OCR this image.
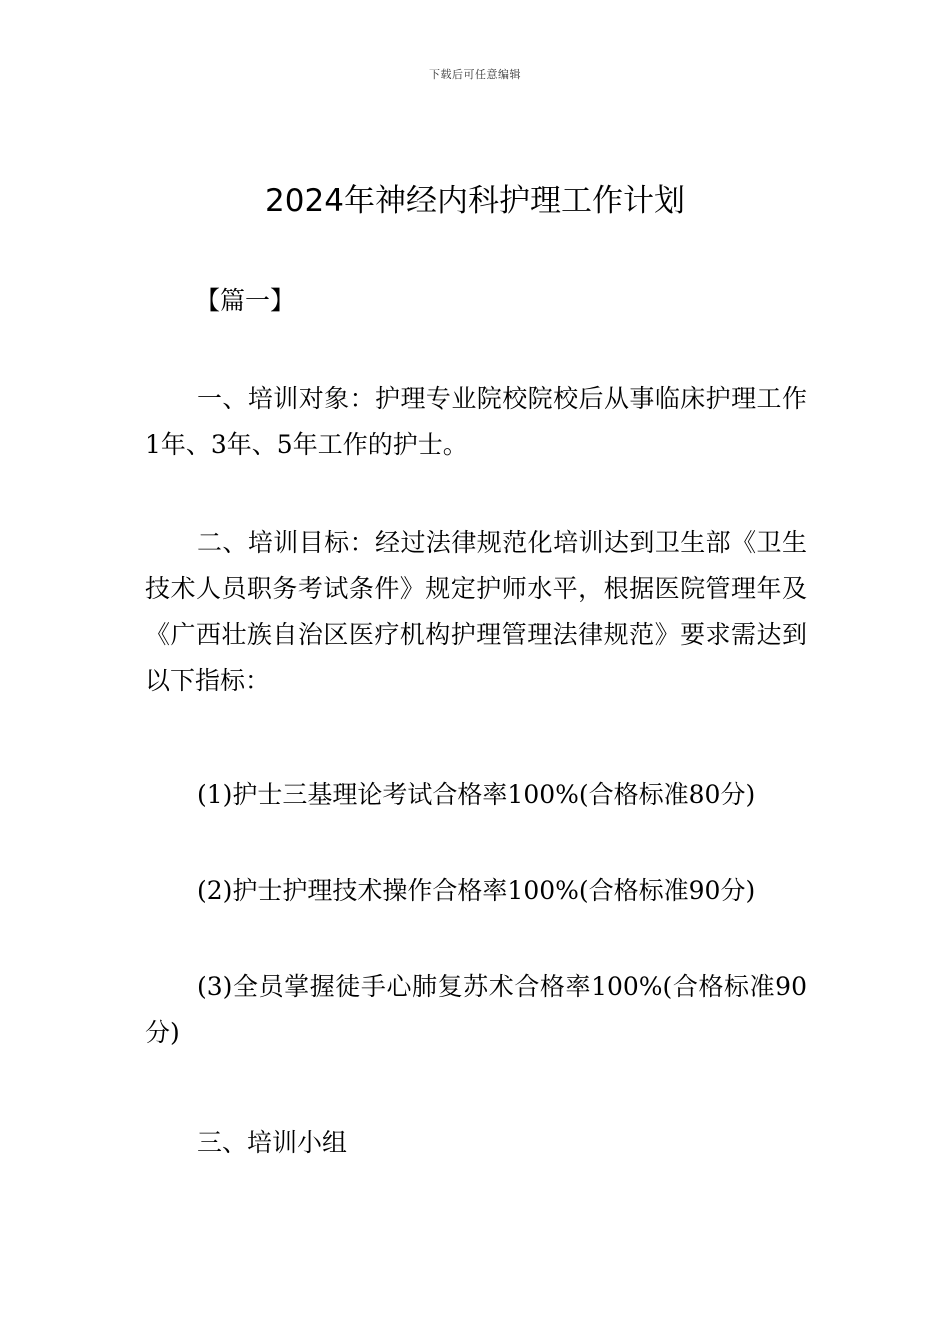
下载后可任意编辑
2024年神经内科护理工作计划

【篇一】

一、培训对象：护理专业院校院校后从事临床护理工作1年、3年、5年工作的护士。

二、培训目标：经过法律规范化培训达到卫生部《卫生技术人员职务考试条件》规定护师水平，根据医院管理年及《广西壮族自治区医疗机构护理管理法律规范》要求需达到以下指标：

(1)护士三基理论考试合格率100%(合格标准80分)

(2)护士护理技术操作合格率100%(合格标准90分)

(3)全员掌握徒手心肺复苏术合格率100%(合格标准90分)

三、培训小组
